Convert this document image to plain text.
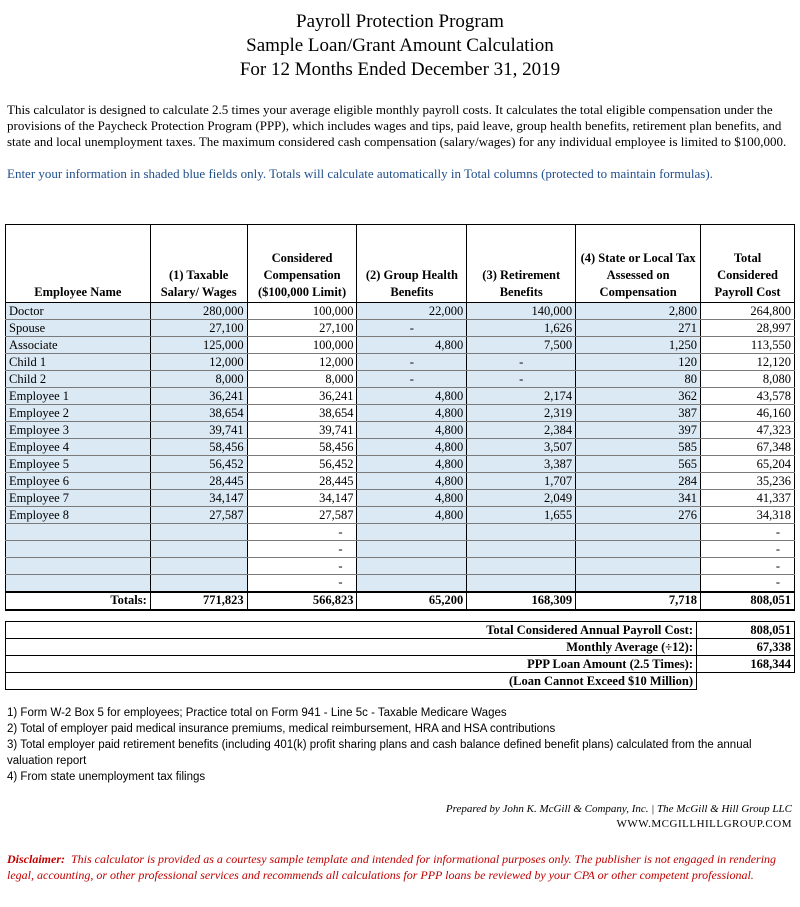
Payroll Protection Program
Sample Loan/Grant Amount Calculation
For 12 Months Ended December 31, 2019

This calculator is designed to calculate 2.5 times your average eligible monthly payroll costs. It calculates the total eligible compensation under the provisions of the Paycheck Protection Program (PPP), which includes wages and tips, paid leave, group health benefits, retirement plan benefits, and state and local unemployment taxes. The maximum considered cash compensation (salary/wages) for any individual employee is limited to $100,000.

Enter your information in shaded blue fields only. Totals will calculate automatically in Total columns (protected to maintain formulas).

Employee Name	(1) Taxable Salary/ Wages	Considered Compensation ($100,000 Limit)	(2) Group Health Benefits	(3) Retirement Benefits	(4) State or Local Tax Assessed on Compensation	Total Considered Payroll Cost
Doctor	280,000	100,000	22,000	140,000	2,800	264,800
Spouse	27,100	27,100	-	1,626	271	28,997
Associate	125,000	100,000	4,800	7,500	1,250	113,550
Child 1	12,000	12,000	-	-	120	12,120
Child 2	8,000	8,000	-	-	80	8,080
Employee 1	36,241	36,241	4,800	2,174	362	43,578
Employee 2	38,654	38,654	4,800	2,319	387	46,160
Employee 3	39,741	39,741	4,800	2,384	397	47,323
Employee 4	58,456	58,456	4,800	3,507	585	67,348
Employee 5	56,452	56,452	4,800	3,387	565	65,204
Employee 6	28,445	28,445	4,800	1,707	284	35,236
Employee 7	34,147	34,147	4,800	2,049	341	41,337
Employee 8	27,587	27,587	4,800	1,655	276	34,318
		-				-
		-				-
		-				-
		-				-
Totals:	771,823	566,823	65,200	168,309	7,718	808,051
Total Considered Annual Payroll Cost:	808,051
Monthly Average (÷12):	67,338
PPP Loan Amount (2.5 Times):	168,344
(Loan Cannot Exceed $10 Million)	
1) Form W-2 Box 5 for employees; Practice total on Form 941 - Line 5c - Taxable Medicare Wages
2) Total of employer paid medical insurance premiums, medical reimbursement, HRA and HSA contributions
3) Total employer paid retirement benefits (including 401(k) profit sharing plans and cash balance defined benefit plans) calculated from the annual valuation report
4) From state unemployment tax filings
Prepared by John K. McGill & Company, Inc. | The McGill & Hill Group LLC
WWW.MCGILLHILLGROUP.COM

Disclaimer: This calculator is provided as a courtesy sample template and intended for informational purposes only. The publisher is not engaged in rendering legal, accounting, or other professional services and recommends all calculations for PPP loans be reviewed by your CPA or other competent professional.
